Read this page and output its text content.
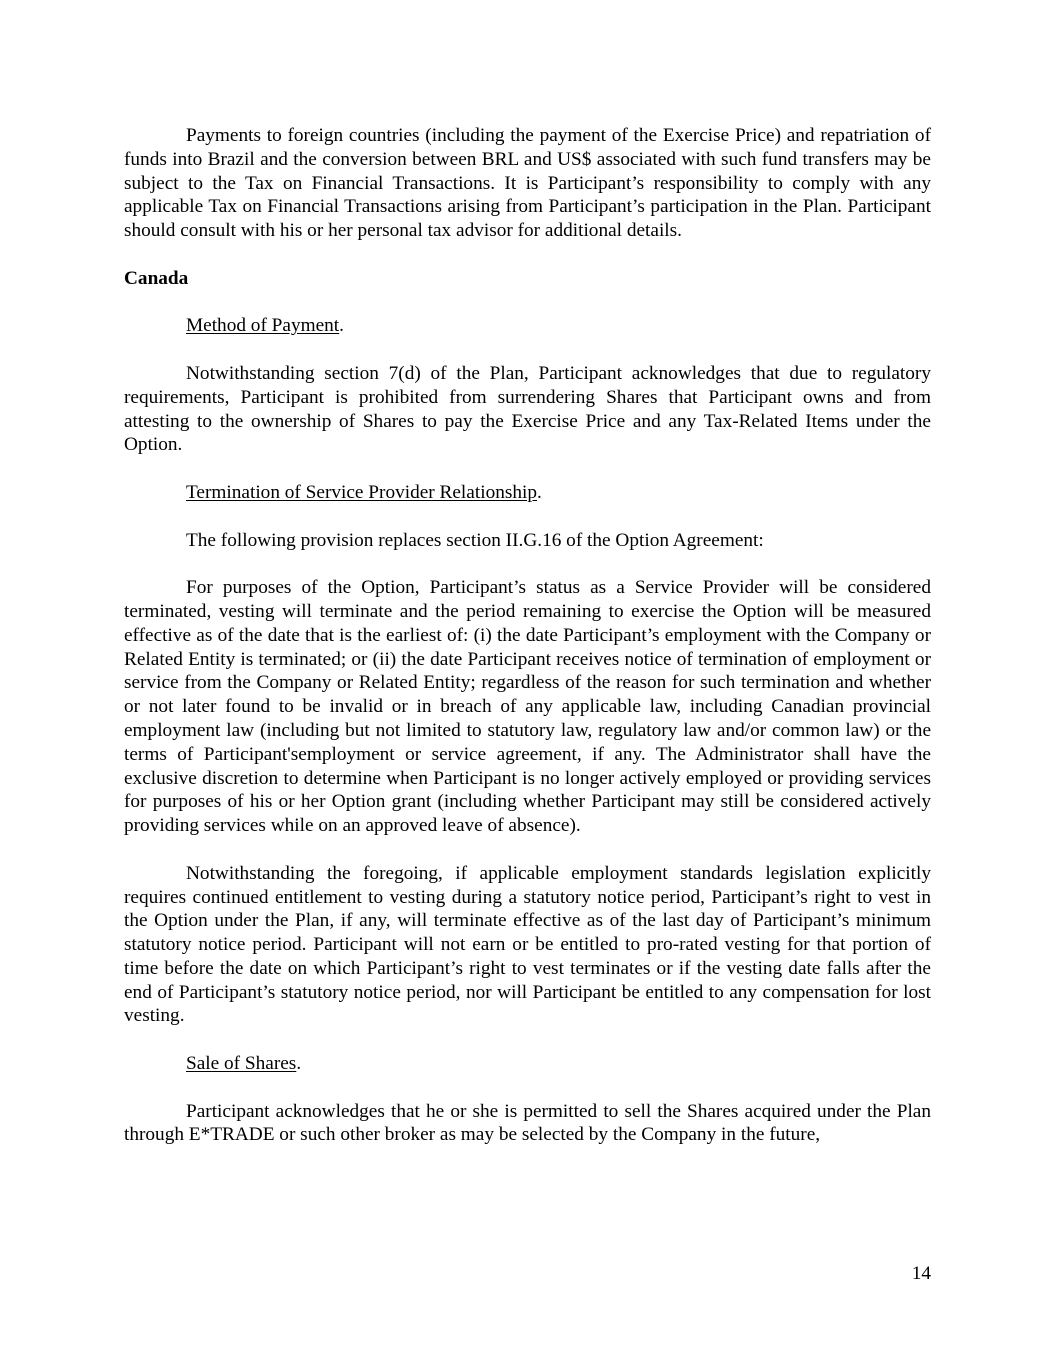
Payments to foreign countries (including the payment of the Exercise Price) and repatriation of funds into Brazil and the conversion between BRL and US$ associated with such fund transfers may be subject to the Tax on Financial Transactions. It is Participant’s responsibility to comply with any applicable Tax on Financial Transactions arising from Participant’s participation in the Plan. Participant should consult with his or her personal tax advisor for additional details.

Canada

Method of Payment.

Notwithstanding section 7(d) of the Plan, Participant acknowledges that due to regulatory requirements, Participant is prohibited from surrendering Shares that Participant owns and from attesting to the ownership of Shares to pay the Exercise Price and any Tax-Related Items under the Option.

Termination of Service Provider Relationship.

The following provision replaces section II.G.16 of the Option Agreement:

For purposes of the Option, Participant’s status as a Service Provider will be considered terminated, vesting will terminate and the period remaining to exercise the Option will be measured effective as of the date that is the earliest of: (i) the date Participant’s employment with the Company or Related Entity is terminated; or (ii) the date Participant receives notice of termination of employment or service from the Company or Related Entity; regardless of the reason for such termination and whether or not later found to be invalid or in breach of any applicable law, including Canadian provincial employment law (including but not limited to statutory law, regulatory law and/or common law) or the terms of Participant'semployment or service agreement, if any. The Administrator shall have the exclusive discretion to determine when Participant is no longer actively employed or providing services for purposes of his or her Option grant (including whether Participant may still be considered actively providing services while on an approved leave of absence).

Notwithstanding the foregoing, if applicable employment standards legislation explicitly requires continued entitlement to vesting during a statutory notice period, Participant’s right to vest in the Option under the Plan, if any, will terminate effective as of the last day of Participant’s minimum statutory notice period. Participant will not earn or be entitled to pro-rated vesting for that portion of time before the date on which Participant’s right to vest terminates or if the vesting date falls after the end of Participant’s statutory notice period, nor will Participant be entitled to any compensation for lost vesting.

Sale of Shares.

Participant acknowledges that he or she is permitted to sell the Shares acquired under the Plan through E*TRADE or such other broker as may be selected by the Company in the future,

14
